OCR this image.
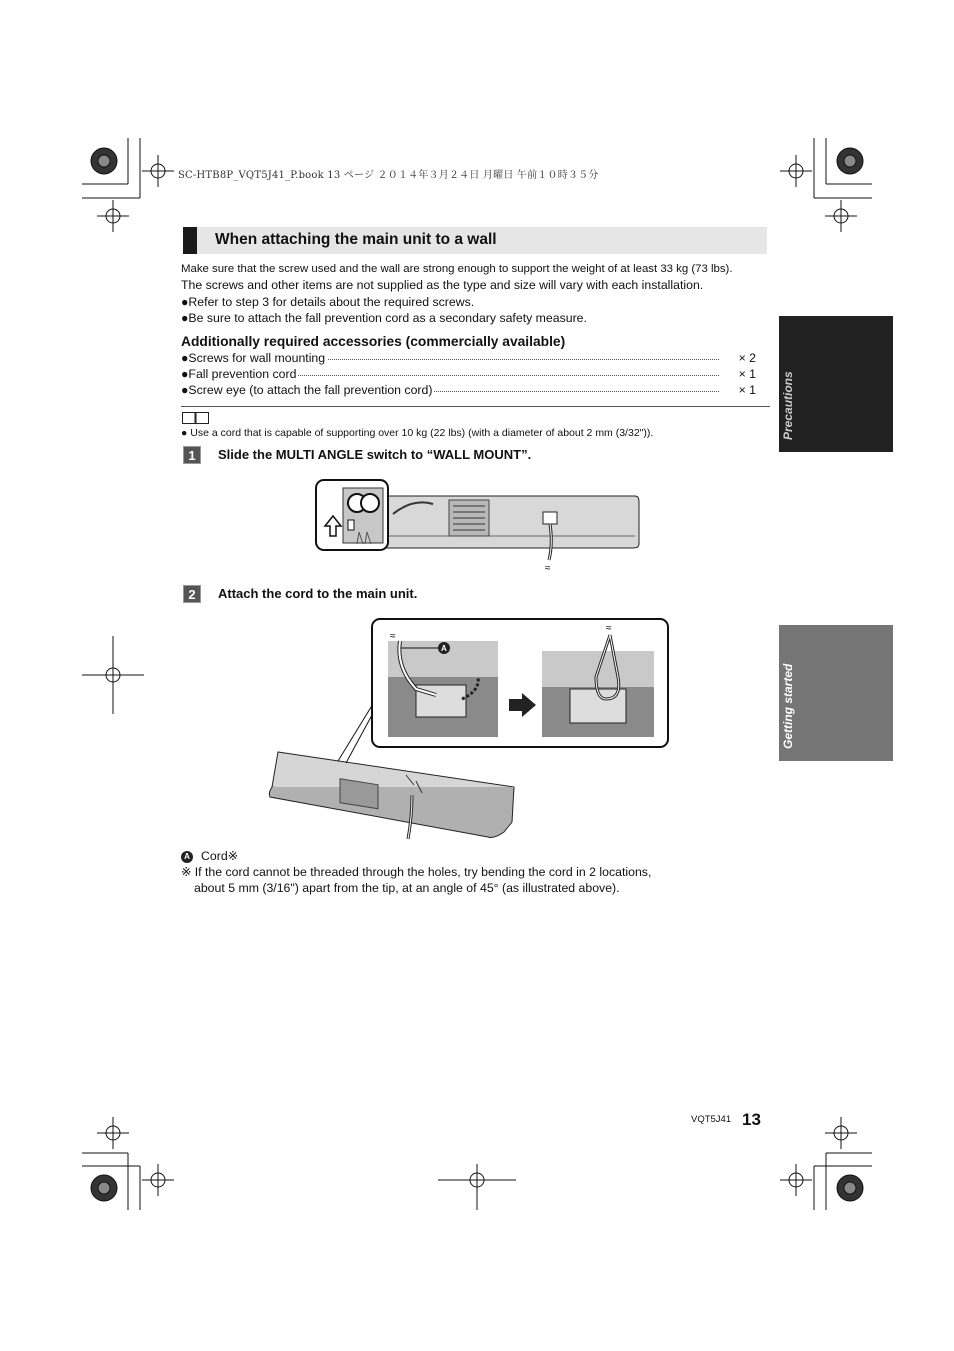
SC-HTB8P_VQT5J41_P.book 13 ページ ２０１４年３月２４日 月曜日 午前１０時３５分
When attaching the main unit to a wall
Make sure that the screw used and the wall are strong enough to support the weight of at least 33 kg (73 lbs).
The screws and other items are not supplied as the type and size will vary with each installation.
●Refer to step 3 for details about the required screws.
●Be sure to attach the fall prevention cord as a secondary safety measure.
Additionally required accessories (commercially available)
●Screws for wall mounting	× 2
●Fall prevention cord	× 1
●Screw eye (to attach the fall prevention cord)	× 1
● Use a cord that is capable of supporting over 10 kg (22 lbs) (with a diameter of about 2 mm (3/32")).
1	Slide the MULTI ANGLE switch to “WALL MOUNT”.
≈
2	Attach the cord to the main unit.
A
≈
≈
A Cord※
※ If the cord cannot be threaded through the holes, try bending the cord in 2 locations,
about 5 mm (3/16") apart from the tip, at an angle of 45° (as illustrated above).
Precautions
Getting started
VQT5J41 13
